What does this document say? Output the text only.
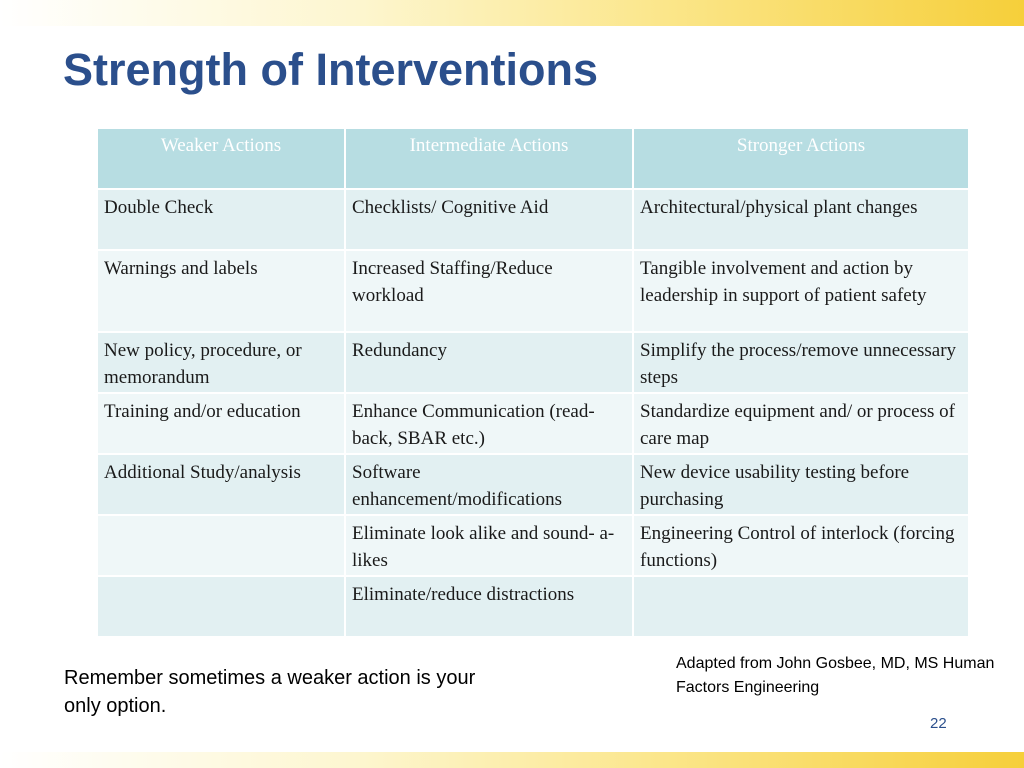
Strength of Interventions
Weaker Actions	Intermediate Actions	Stronger Actions
Double Check	Checklists/ Cognitive Aid	Architectural/physical plant changes
Warnings and labels	Increased Staffing/Reduce workload	Tangible involvement and action by leadership in support of patient safety
New policy, procedure, or memorandum	Redundancy	Simplify the process/remove unnecessary steps
Training and/or education	Enhance Communication (read-back, SBAR etc.)	Standardize equipment and/ or process of care map
Additional Study/analysis	Software enhancement/modifications	New device usability testing before purchasing
	Eliminate look alike and sound- a-likes	Engineering Control of interlock (forcing functions)
	Eliminate/reduce distractions	
Remember sometimes a weaker action is your only option.
Adapted from John Gosbee, MD, MS Human Factors Engineering
22
